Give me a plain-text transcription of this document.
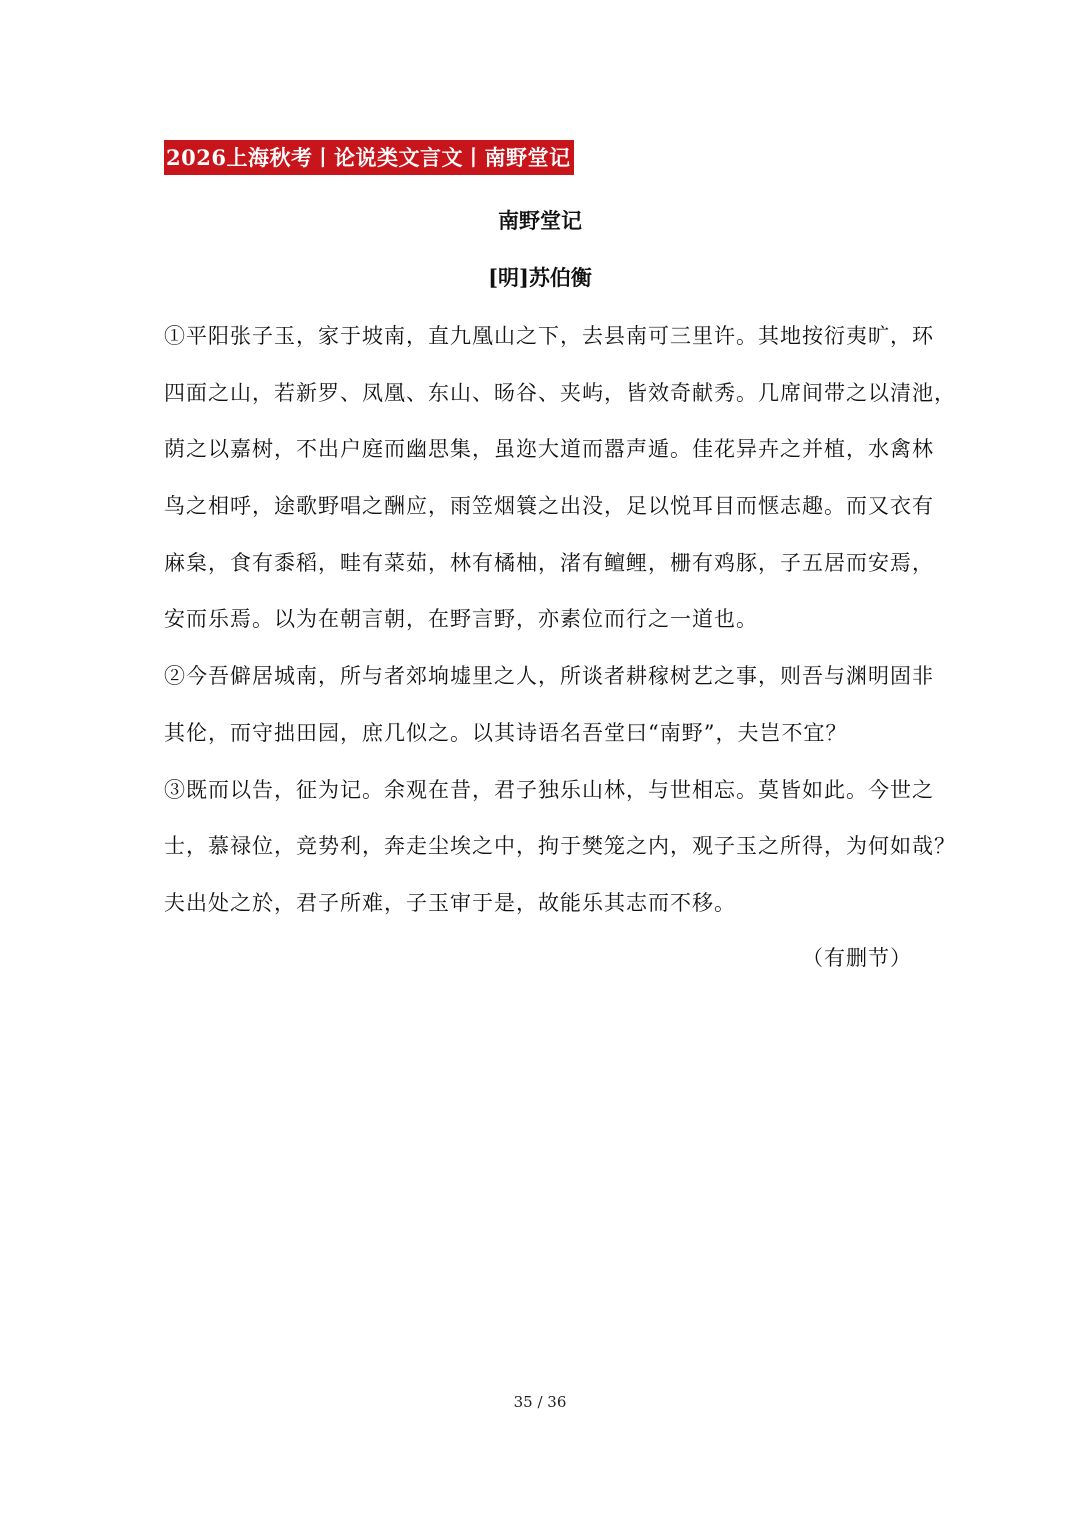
2026上海秋考丨论说类文言文丨南野堂记
南野堂记
[明]苏伯衡
①平阳张子玉，家于坡南，直九凰山之下，去县南可三里许。其地按衍夷旷，环
四面之山，若新罗、凤凰、东山、旸谷、夹屿，皆效奇献秀。几席间带之以清池，
荫之以嘉树，不出户庭而幽思集，虽迩大道而嚣声遁。佳花异卉之并植，水禽林
鸟之相呼，途歌野唱之酬应，雨笠烟簑之出没，足以悦耳目而惬志趣。而又衣有
麻枲，食有黍稻，畦有菜茹，林有橘柚，渚有鳣鲤，栅有鸡豚，子五居而安焉，
安而乐焉。以为在朝言朝，在野言野，亦素位而行之一道也。
②今吾僻居城南，所与者郊垧墟里之人，所谈者耕稼树艺之事，则吾与渊明固非
其伦，而守拙田园，庶几似之。以其诗语名吾堂曰“南野”，夫岂不宜？
③既而以告，征为记。余观在昔，君子独乐山林，与世相忘。莫皆如此。今世之
士，慕禄位，竞势利，奔走尘埃之中，拘于樊笼之内，观子玉之所得，为何如哉？
夫出处之於，君子所难，子玉审于是，故能乐其志而不移。
（有删节）
35 / 36
